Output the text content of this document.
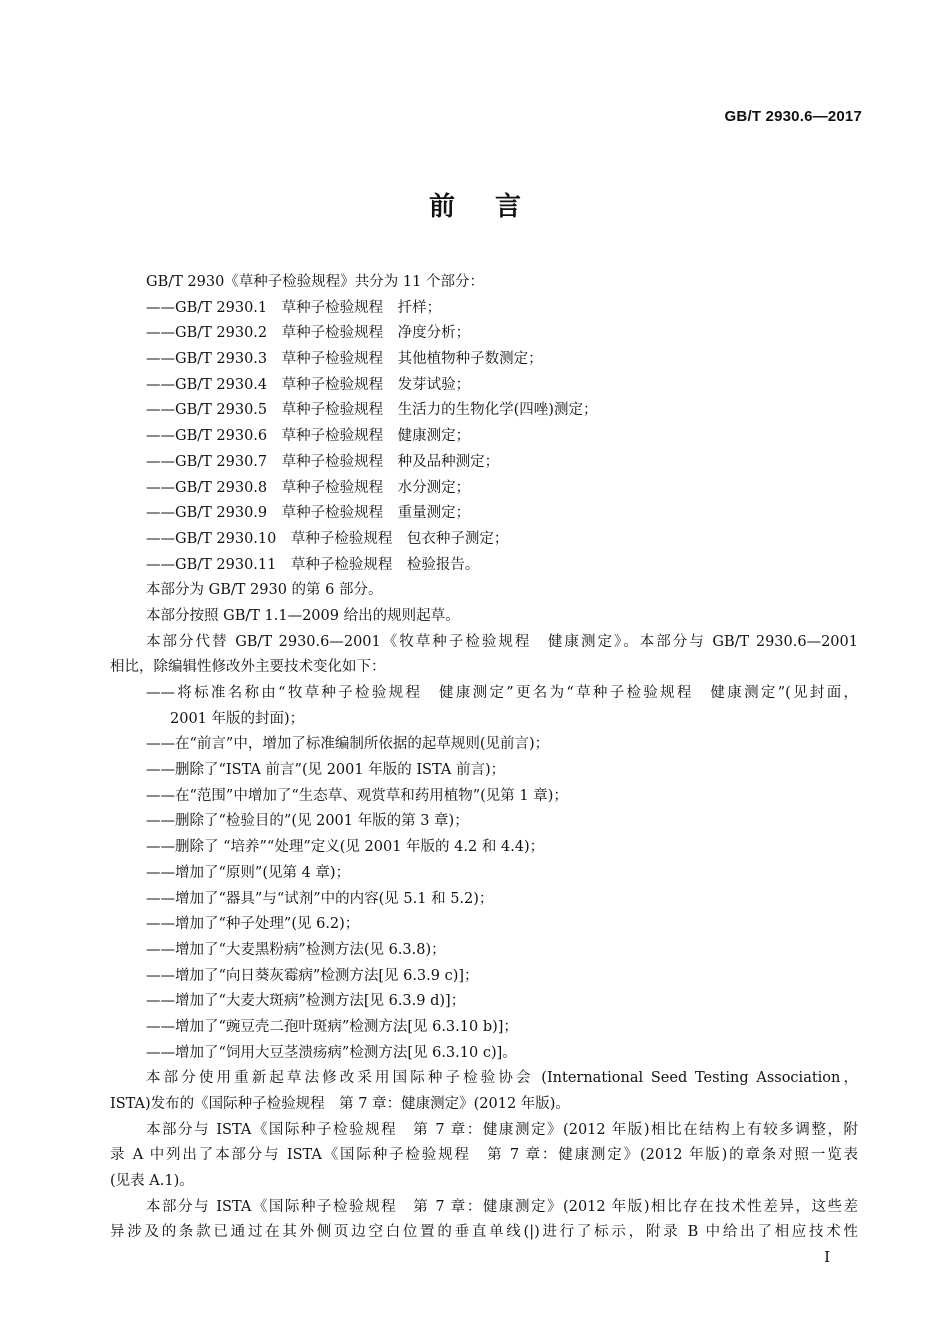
GB/T 2930.6—2017
前言
GB/T 2930《草种子检验规程》共分为 11 个部分：
——GB/T 2930.1　草种子检验规程　扦样；
——GB/T 2930.2　草种子检验规程　净度分析；
——GB/T 2930.3　草种子检验规程　其他植物种子数测定；
——GB/T 2930.4　草种子检验规程　发芽试验；
——GB/T 2930.5　草种子检验规程　生活力的生物化学(四唑)测定；
——GB/T 2930.6　草种子检验规程　健康测定；
——GB/T 2930.7　草种子检验规程　种及品种测定；
——GB/T 2930.8　草种子检验规程　水分测定；
——GB/T 2930.9　草种子检验规程　重量测定；
——GB/T 2930.10　草种子检验规程　包衣种子测定；
——GB/T 2930.11　草种子检验规程　检验报告。
本部分为 GB/T 2930 的第 6 部分。
本部分按照 GB/T 1.1—2009 给出的规则起草。
本部分代替 GB/T 2930.6—2001《牧草种子检验规程　健康测定》。本部分与 GB/T 2930.6—2001
相比，除编辑性修改外主要技术变化如下：
——将标准名称由“牧草种子检验规程　健康测定”更名为“草种子检验规程　健康测定”(见封面，
2001 年版的封面)；
——在“前言”中，增加了标准编制所依据的起草规则(见前言)；
——删除了“ISTA 前言”(见 2001 年版的 ISTA 前言)；
——在“范围”中增加了“生态草、观赏草和药用植物”(见第 1 章)；
——删除了“检验目的”(见 2001 年版的第 3 章)；
——删除了 “培养”“处理”定义(见 2001 年版的 4.2 和 4.4)；
——增加了“原则”(见第 4 章)；
——增加了“器具”与“试剂”中的内容(见 5.1 和 5.2)；
——增加了“种子处理”(见 6.2)；
——增加了“大麦黑粉病”检测方法(见 6.3.8)；
——增加了“向日葵灰霉病”检测方法[见 6.3.9 c)]；
——增加了“大麦大斑病”检测方法[见 6.3.9 d)]；
——增加了“豌豆壳二孢叶斑病”检测方法[见 6.3.10 b)]；
——增加了“饲用大豆茎溃疡病”检测方法[见 6.3.10 c)]。
本部分使用重新起草法修改采用国际种子检验协会 (International Seed Testing Association，
ISTA)发布的《国际种子检验规程　第 7 章：健康测定》(2012 年版)。
本部分与 ISTA《国际种子检验规程　第 7 章：健康测定》(2012 年版)相比在结构上有较多调整，附
录 A 中列出了本部分与 ISTA《国际种子检验规程　第 7 章：健康测定》(2012 年版)的章条对照一览表
(见表 A.1)。
本部分与 ISTA《国际种子检验规程　第 7 章：健康测定》(2012 年版)相比存在技术性差异，这些差
异涉及的条款已通过在其外侧页边空白位置的垂直单线(|)进行了标示，附录 B 中给出了相应技术性
I
